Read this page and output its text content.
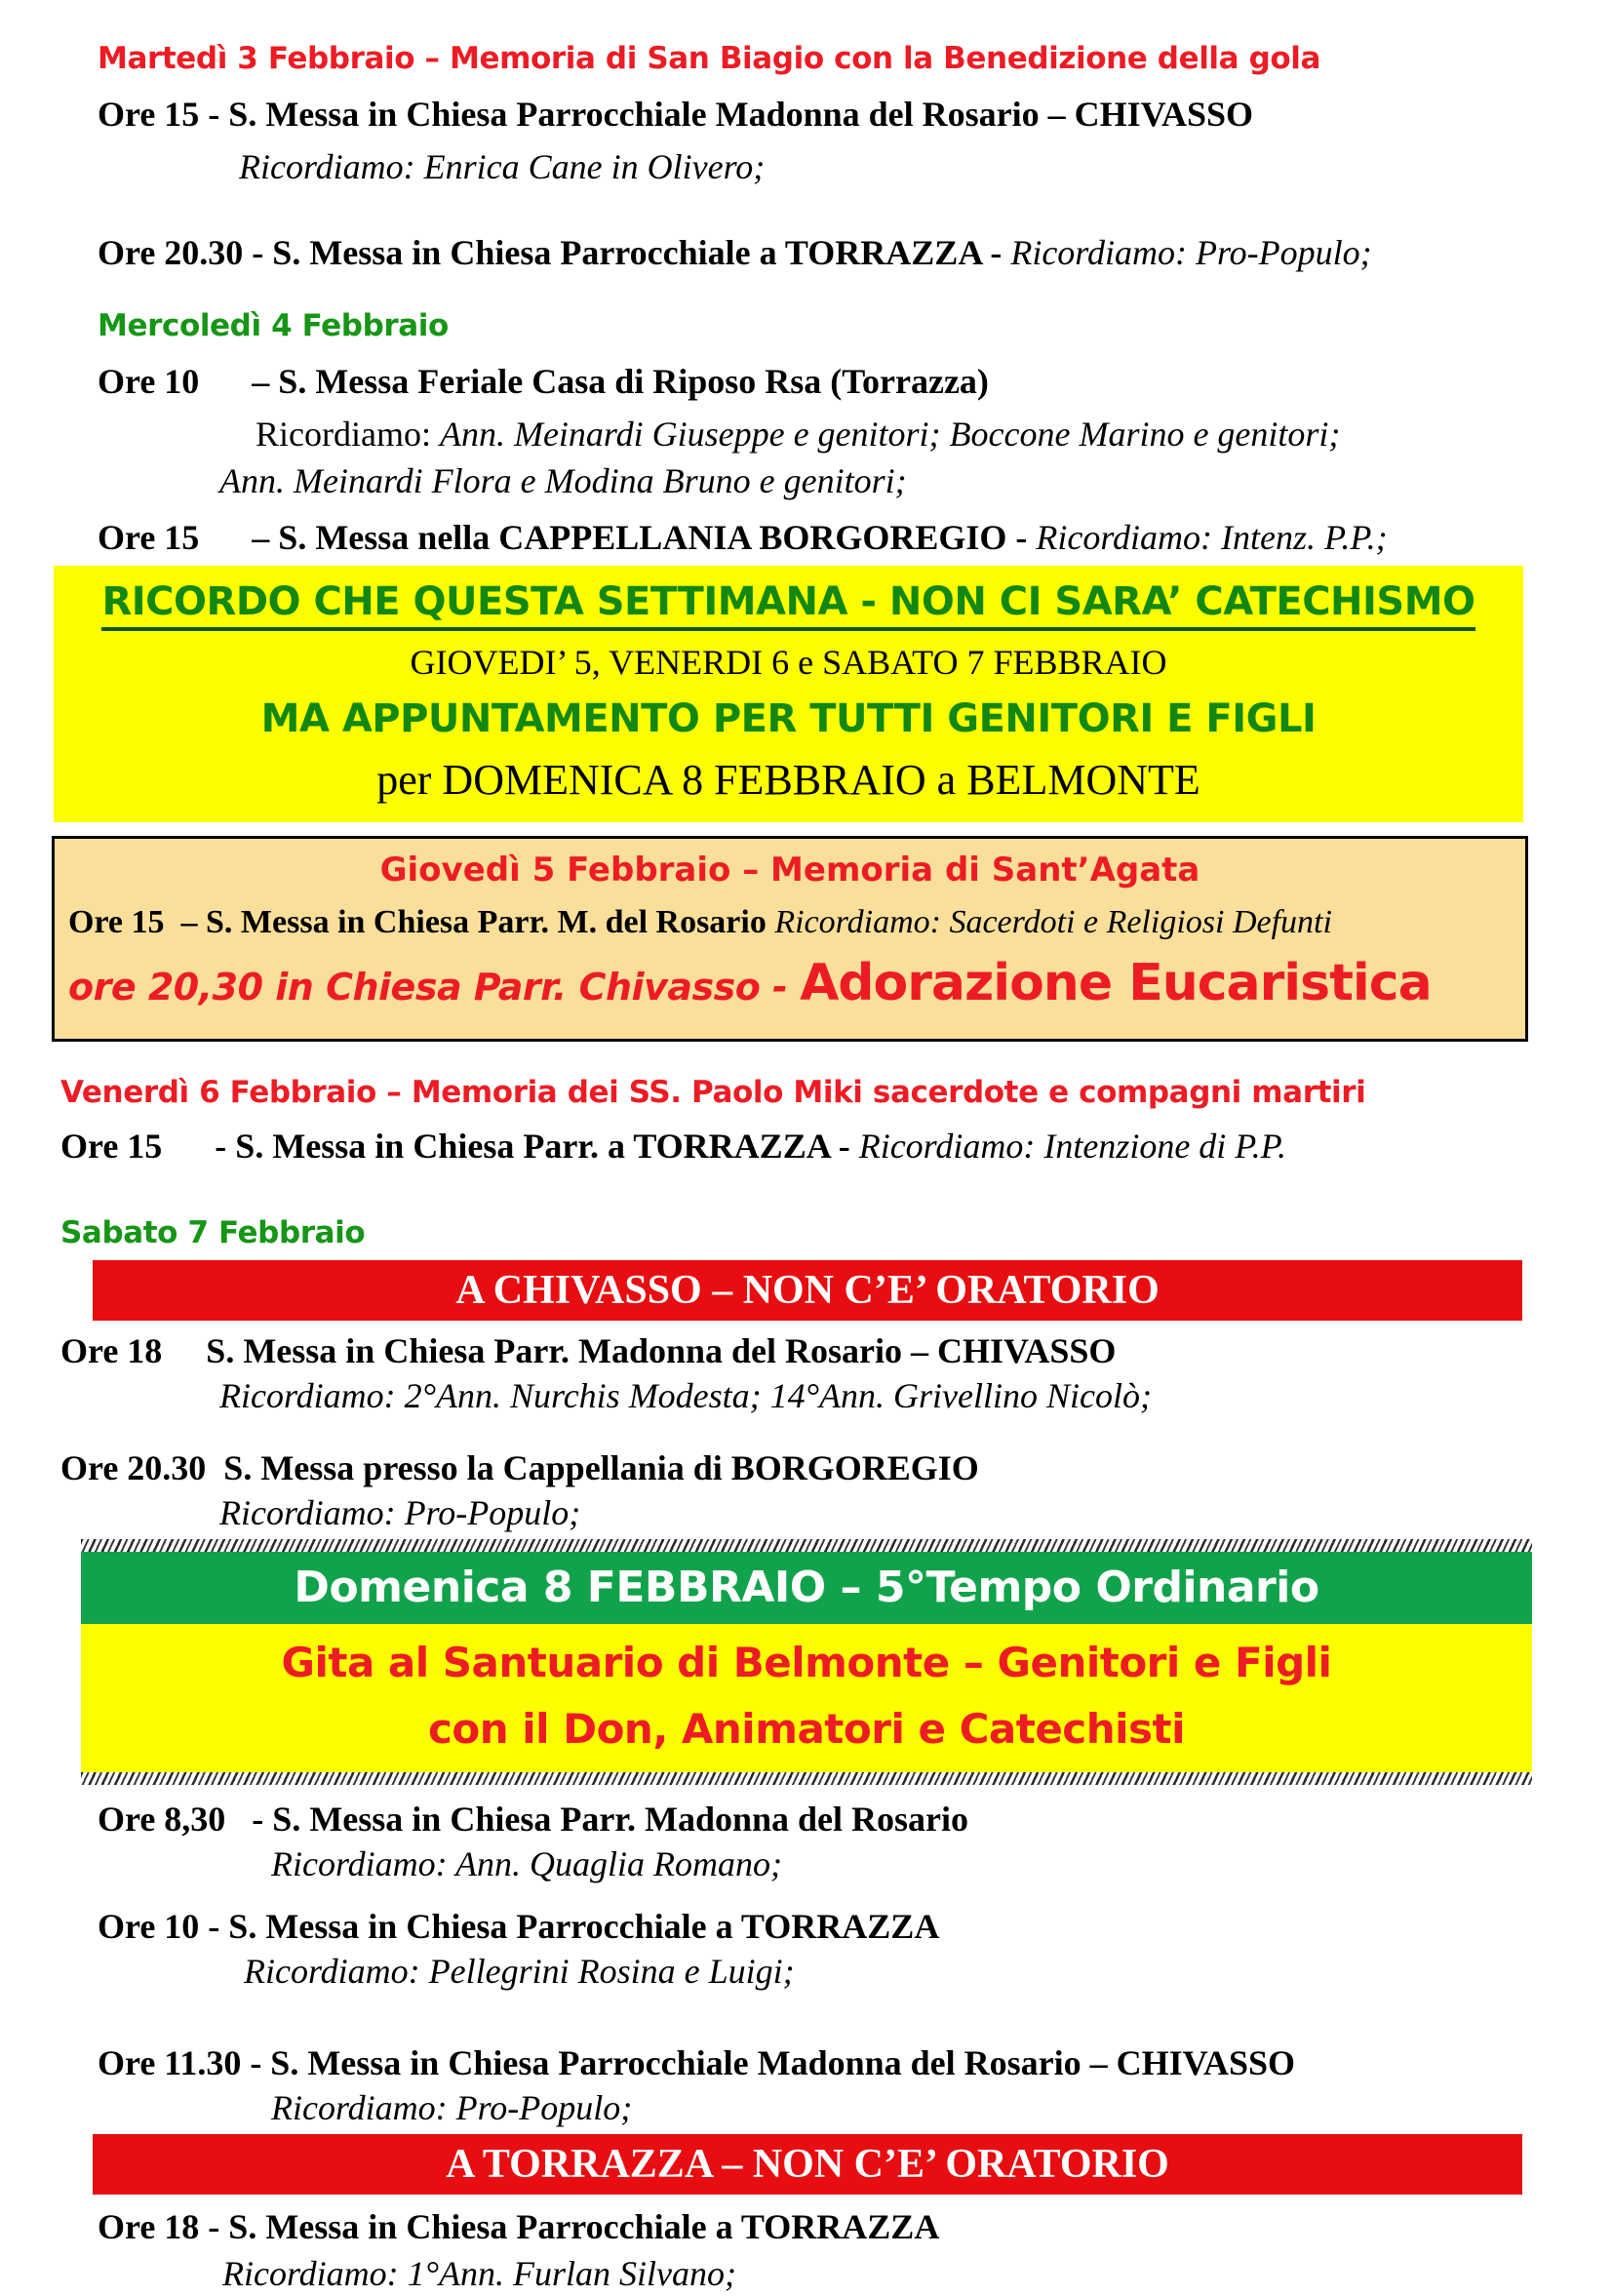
Martedì 3 Febbraio – Memoria di San Biagio con la Benedizione della gola
Ore 15 - S. Messa in Chiesa Parrocchiale Madonna del Rosario – CHIVASSO
Ricordiamo: Enrica Cane in Olivero;
Ore 20.30 - S. Messa in Chiesa Parrocchiale a TORRAZZA - Ricordiamo: Pro-Populo;
Mercoledì 4 Febbraio
Ore 10      – S. Messa Feriale Casa di Riposo Rsa (Torrazza)
Ricordiamo: Ann. Meinardi Giuseppe e genitori; Boccone Marino e genitori;
Ann. Meinardi Flora e Modina Bruno e genitori;
Ore 15      – S. Messa nella CAPPELLANIA BORGOREGIO - Ricordiamo: Intenz. P.P.;
RICORDO CHE QUESTA SETTIMANA - NON CI SARA’ CATECHISMO
GIOVEDI’ 5, VENERDI 6 e SABATO 7 FEBBRAIO
MA APPUNTAMENTO PER TUTTI GENITORI E FIGLI
per DOMENICA 8 FEBBRAIO a BELMONTE
Giovedì 5 Febbraio – Memoria di Sant’Agata
Ore 15  – S. Messa in Chiesa Parr. M. del Rosario Ricordiamo: Sacerdoti e Religiosi Defunti
ore 20,30 in Chiesa Parr. Chivasso - Adorazione Eucaristica
Venerdì 6 Febbraio – Memoria dei SS. Paolo Miki sacerdote e compagni martiri
Ore 15      - S. Messa in Chiesa Parr. a TORRAZZA - Ricordiamo: Intenzione di P.P.
Sabato 7 Febbraio
A CHIVASSO – NON C’E’ ORATORIO
Ore 18     S. Messa in Chiesa Parr. Madonna del Rosario – CHIVASSO
Ricordiamo: 2°Ann. Nurchis Modesta; 14°Ann. Grivellino Nicolò;
Ore 20.30  S. Messa presso la Cappellania di BORGOREGIO
Ricordiamo: Pro-Populo;
Domenica 8 FEBBRAIO – 5°Tempo Ordinario
Gita al Santuario di Belmonte – Genitori e Figli
con il Don, Animatori e Catechisti
Ore 8,30   - S. Messa in Chiesa Parr. Madonna del Rosario
Ricordiamo: Ann. Quaglia Romano;
Ore 10 - S. Messa in Chiesa Parrocchiale a TORRAZZA
Ricordiamo: Pellegrini Rosina e Luigi;
Ore 11.30 - S. Messa in Chiesa Parrocchiale Madonna del Rosario – CHIVASSO
Ricordiamo: Pro-Populo;
A TORRAZZA – NON C’E’ ORATORIO
Ore 18 - S. Messa in Chiesa Parrocchiale a TORRAZZA
Ricordiamo: 1°Ann. Furlan Silvano;
